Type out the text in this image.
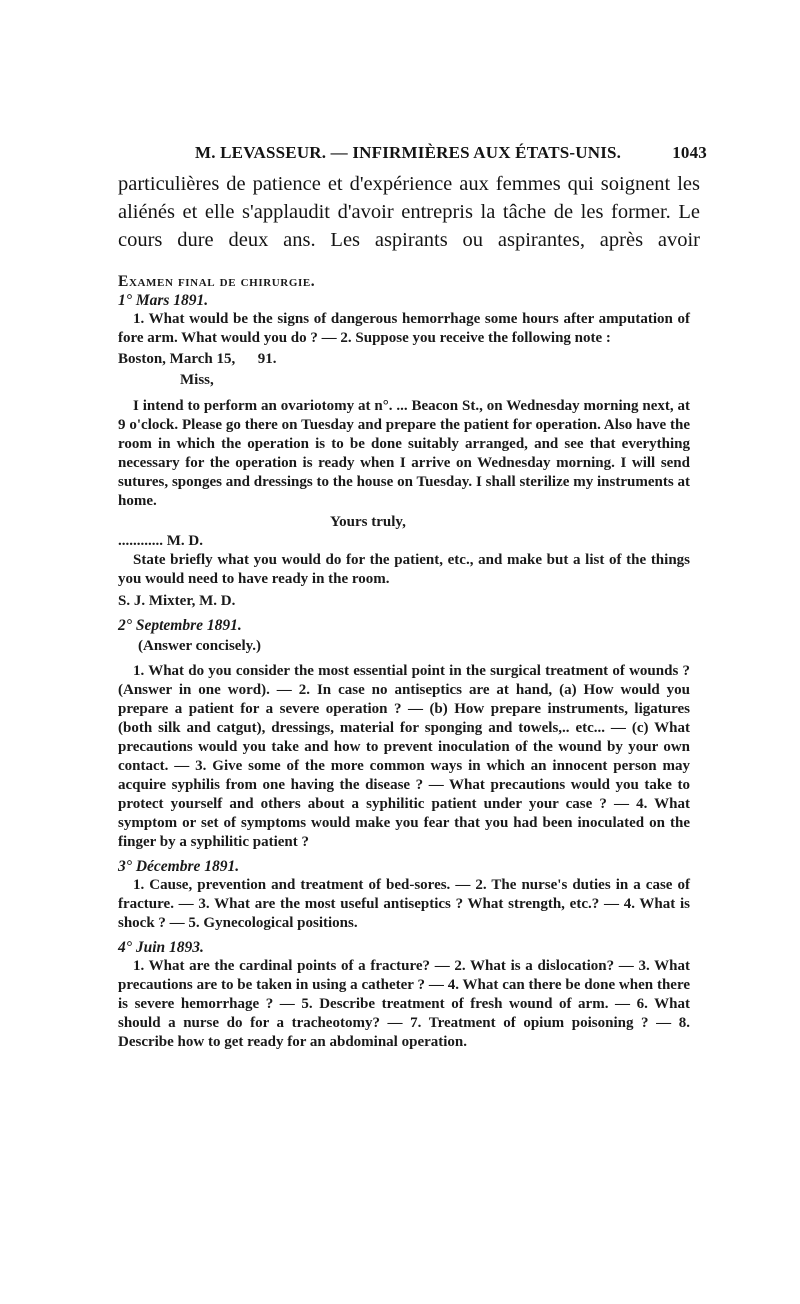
M. LEVASSEUR. — INFIRMIÈRES AUX ÉTATS-UNIS.	1043
particulières de patience et d'expérience aux femmes qui soignent les aliénés et elle s'applaudit d'avoir entrepris la tâche de les former. Le cours dure deux ans. Les aspirants ou aspirantes, après avoir

Examen final de chirurgie.

1° Mars 1891.

1. What would be the signs of dangerous hemorrhage some hours after amputation of fore arm. What would you do ? — 2. Suppose you receive the following note :

Boston, March 15,      91.

Miss,

I intend to perform an ovariotomy at n°. ... Beacon St., on Wednesday morning next, at 9 o'clock. Please go there on Tuesday and prepare the patient for operation. Also have the room in which the operation is to be done suitably arranged, and see that everything necessary for the operation is ready when I arrive on Wednesday morning. I will send sutures, sponges and dressings to the house on Tuesday. I shall sterilize my instruments at home.

Yours truly,

............ M. D.

State briefly what you would do for the patient, etc., and make but a list of the things you would need to have ready in the room.

S. J. Mixter, M. D.

2° Septembre 1891.

(Answer concisely.)

1. What do you consider the most essential point in the surgical treatment of wounds ? (Answer in one word). — 2. In case no antiseptics are at hand, (a) How would you prepare a patient for a severe operation ? — (b) How prepare instruments, ligatures (both silk and catgut), dressings, material for sponging and towels,.. etc... — (c) What precautions would you take and how to prevent inoculation of the wound by your own contact. — 3. Give some of the more common ways in which an innocent person may acquire syphilis from one having the disease ? — What precautions would you take to protect yourself and others about a syphilitic patient under your case ? — 4. What symptom or set of symptoms would make you fear that you had been inoculated on the finger by a syphilitic patient ?

3° Décembre 1891.

1. Cause, prevention and treatment of bed-sores. — 2. The nurse's duties in a case of fracture. — 3. What are the most useful antiseptics ? What strength, etc.? — 4. What is shock ? — 5. Gynecological positions.

4° Juin 1893.

1. What are the cardinal points of a fracture? — 2. What is a dislocation? — 3. What precautions are to be taken in using a catheter ? — 4. What can there be done when there is severe hemorrhage ? — 5. Describe treatment of fresh wound of arm. — 6. What should a nurse do for a tracheotomy? — 7. Treatment of opium poisoning ? — 8. Describe how to get ready for an abdominal operation.
